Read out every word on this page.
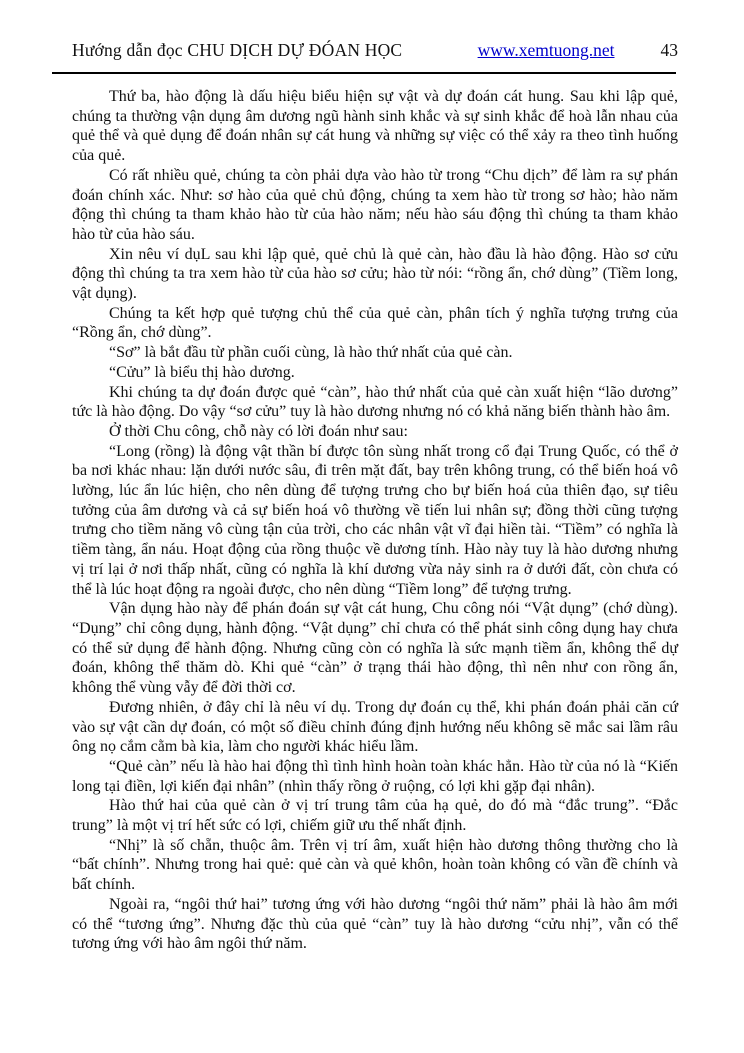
Hướng dẫn đọc CHU DỊCH DỰ ĐÓAN HỌC	www.xemtuong.net	43

Thứ ba, hào động là dấu hiệu biểu hiện sự vật và dự đoán cát hung. Sau khi lập quẻ, chúng ta thường vận dụng âm dương ngũ hành sinh khắc và sự sinh khắc để hoà lẫn nhau của quẻ thể và quẻ dụng để đoán nhân sự cát hung và những sự việc có thể xảy ra theo tình huống của quẻ.

Có rất nhiều quẻ, chúng ta còn phải dựa vào hào từ trong “Chu dịch” để làm ra sự phán đoán chính xác. Như: sơ hào của quẻ chủ động, chúng ta xem hào từ trong sơ hào; hào năm động thì chúng ta tham khảo hào từ của hào năm; nếu hào sáu động thì chúng ta tham khảo hào từ của hào sáu.

Xin nêu ví dụL sau khi lập quẻ, quẻ chủ là quẻ càn, hào đầu là hào động. Hào sơ cửu động thì chúng ta tra xem hào từ của hào sơ cửu; hào từ nói: “rồng ẩn, chớ dùng” (Tiềm long, vật dụng).

Chúng ta kết hợp quẻ tượng chủ thể của quẻ càn, phân tích ý nghĩa tượng trưng của “Rồng ẩn, chớ dùng”.

“Sơ” là bắt đầu từ phần cuối cùng, là hào thứ nhất của quẻ càn.

“Cửu” là biểu thị hào dương.

Khi chúng ta dự đoán được quẻ “càn”, hào thứ nhất của quẻ càn xuất hiện “lão dương” tức là hào động. Do vậy “sơ cửu” tuy là hào dương nhưng nó có khả năng biến thành hào âm.

Ở thời Chu công, chỗ này có lời đoán như sau:

“Long (rồng) là động vật thần bí được tôn sùng nhất trong cổ đại Trung Quốc, có thể ở ba nơi khác nhau: lặn dưới nước sâu, đi trên mặt đất, bay trên không trung, có thể biến hoá vô lường, lúc ẩn lúc hiện, cho nên dùng để tượng trưng cho bự biến hoá của thiên đạo, sự tiêu tưởng của âm dương và cả sự biến hoá vô thường về tiến lui nhân sự; đồng thời cũng tượng trưng cho tiềm năng vô cùng tận của trời, cho các nhân vật vĩ đại hiền tài. “Tiềm” có nghĩa là tiềm tàng, ẩn náu. Hoạt động của rồng thuộc về dương tính. Hào này tuy là hào dương nhưng vị trí lại ở nơi thấp nhất, cũng có nghĩa là khí dương vừa nảy sinh ra ở dưới đất, còn chưa có thể là lúc hoạt động ra ngoài được, cho nên dùng “Tiềm long” để tượng trưng.

Vận dụng hào này để phán đoán sự vật cát hung, Chu công nói “Vật dụng” (chớ dùng). “Dụng” chỉ công dụng, hành động. “Vật dụng” chỉ chưa có thể phát sinh công dụng hay chưa có thể sử dụng để hành động. Nhưng cũng còn có nghĩa là sức mạnh tiềm ẩn, không thể dự đoán, không thể thăm dò. Khi quẻ “càn” ở trạng thái hào động, thì nên như con rồng ẩn, không thể vùng vẫy để đời thời cơ.

Đương nhiên, ở đây chỉ là nêu ví dụ. Trong dự đoán cụ thể, khi phán đoán phải căn cứ vào sự vật cần dự đoán, có một số điều chỉnh đúng định hướng nếu không sẽ mắc sai lầm râu ông nọ cắm cằm bà kia, làm cho người khác hiểu lầm.

“Quẻ càn” nếu là hào hai động thì tình hình hoàn toàn khác hẳn. Hào từ của nó là “Kiến long tại điền, lợi kiến đại nhân” (nhìn thấy rồng ở ruộng, có lợi khi gặp đại nhân).

Hào thứ hai của quẻ càn ở vị trí trung tâm của hạ quẻ, do đó mà “đắc trung”. “Đắc trung” là một vị trí hết sức có lợi, chiếm giữ ưu thế nhất định.

“Nhị” là số chẵn, thuộc âm. Trên vị trí âm, xuất hiện hào dương thông thường cho là “bất chính”. Nhưng trong hai quẻ: quẻ càn và quẻ khôn, hoàn toàn không có vần đề chính và bất chính.

Ngoài ra, “ngôi thứ hai” tương ứng với hào dương “ngôi thứ năm” phải là hào âm mới có thể “tương ứng”. Nhưng đặc thù của quẻ “càn” tuy là hào dương “cửu nhị”, vẫn có thể tương ứng với hào âm ngôi thứ năm.
